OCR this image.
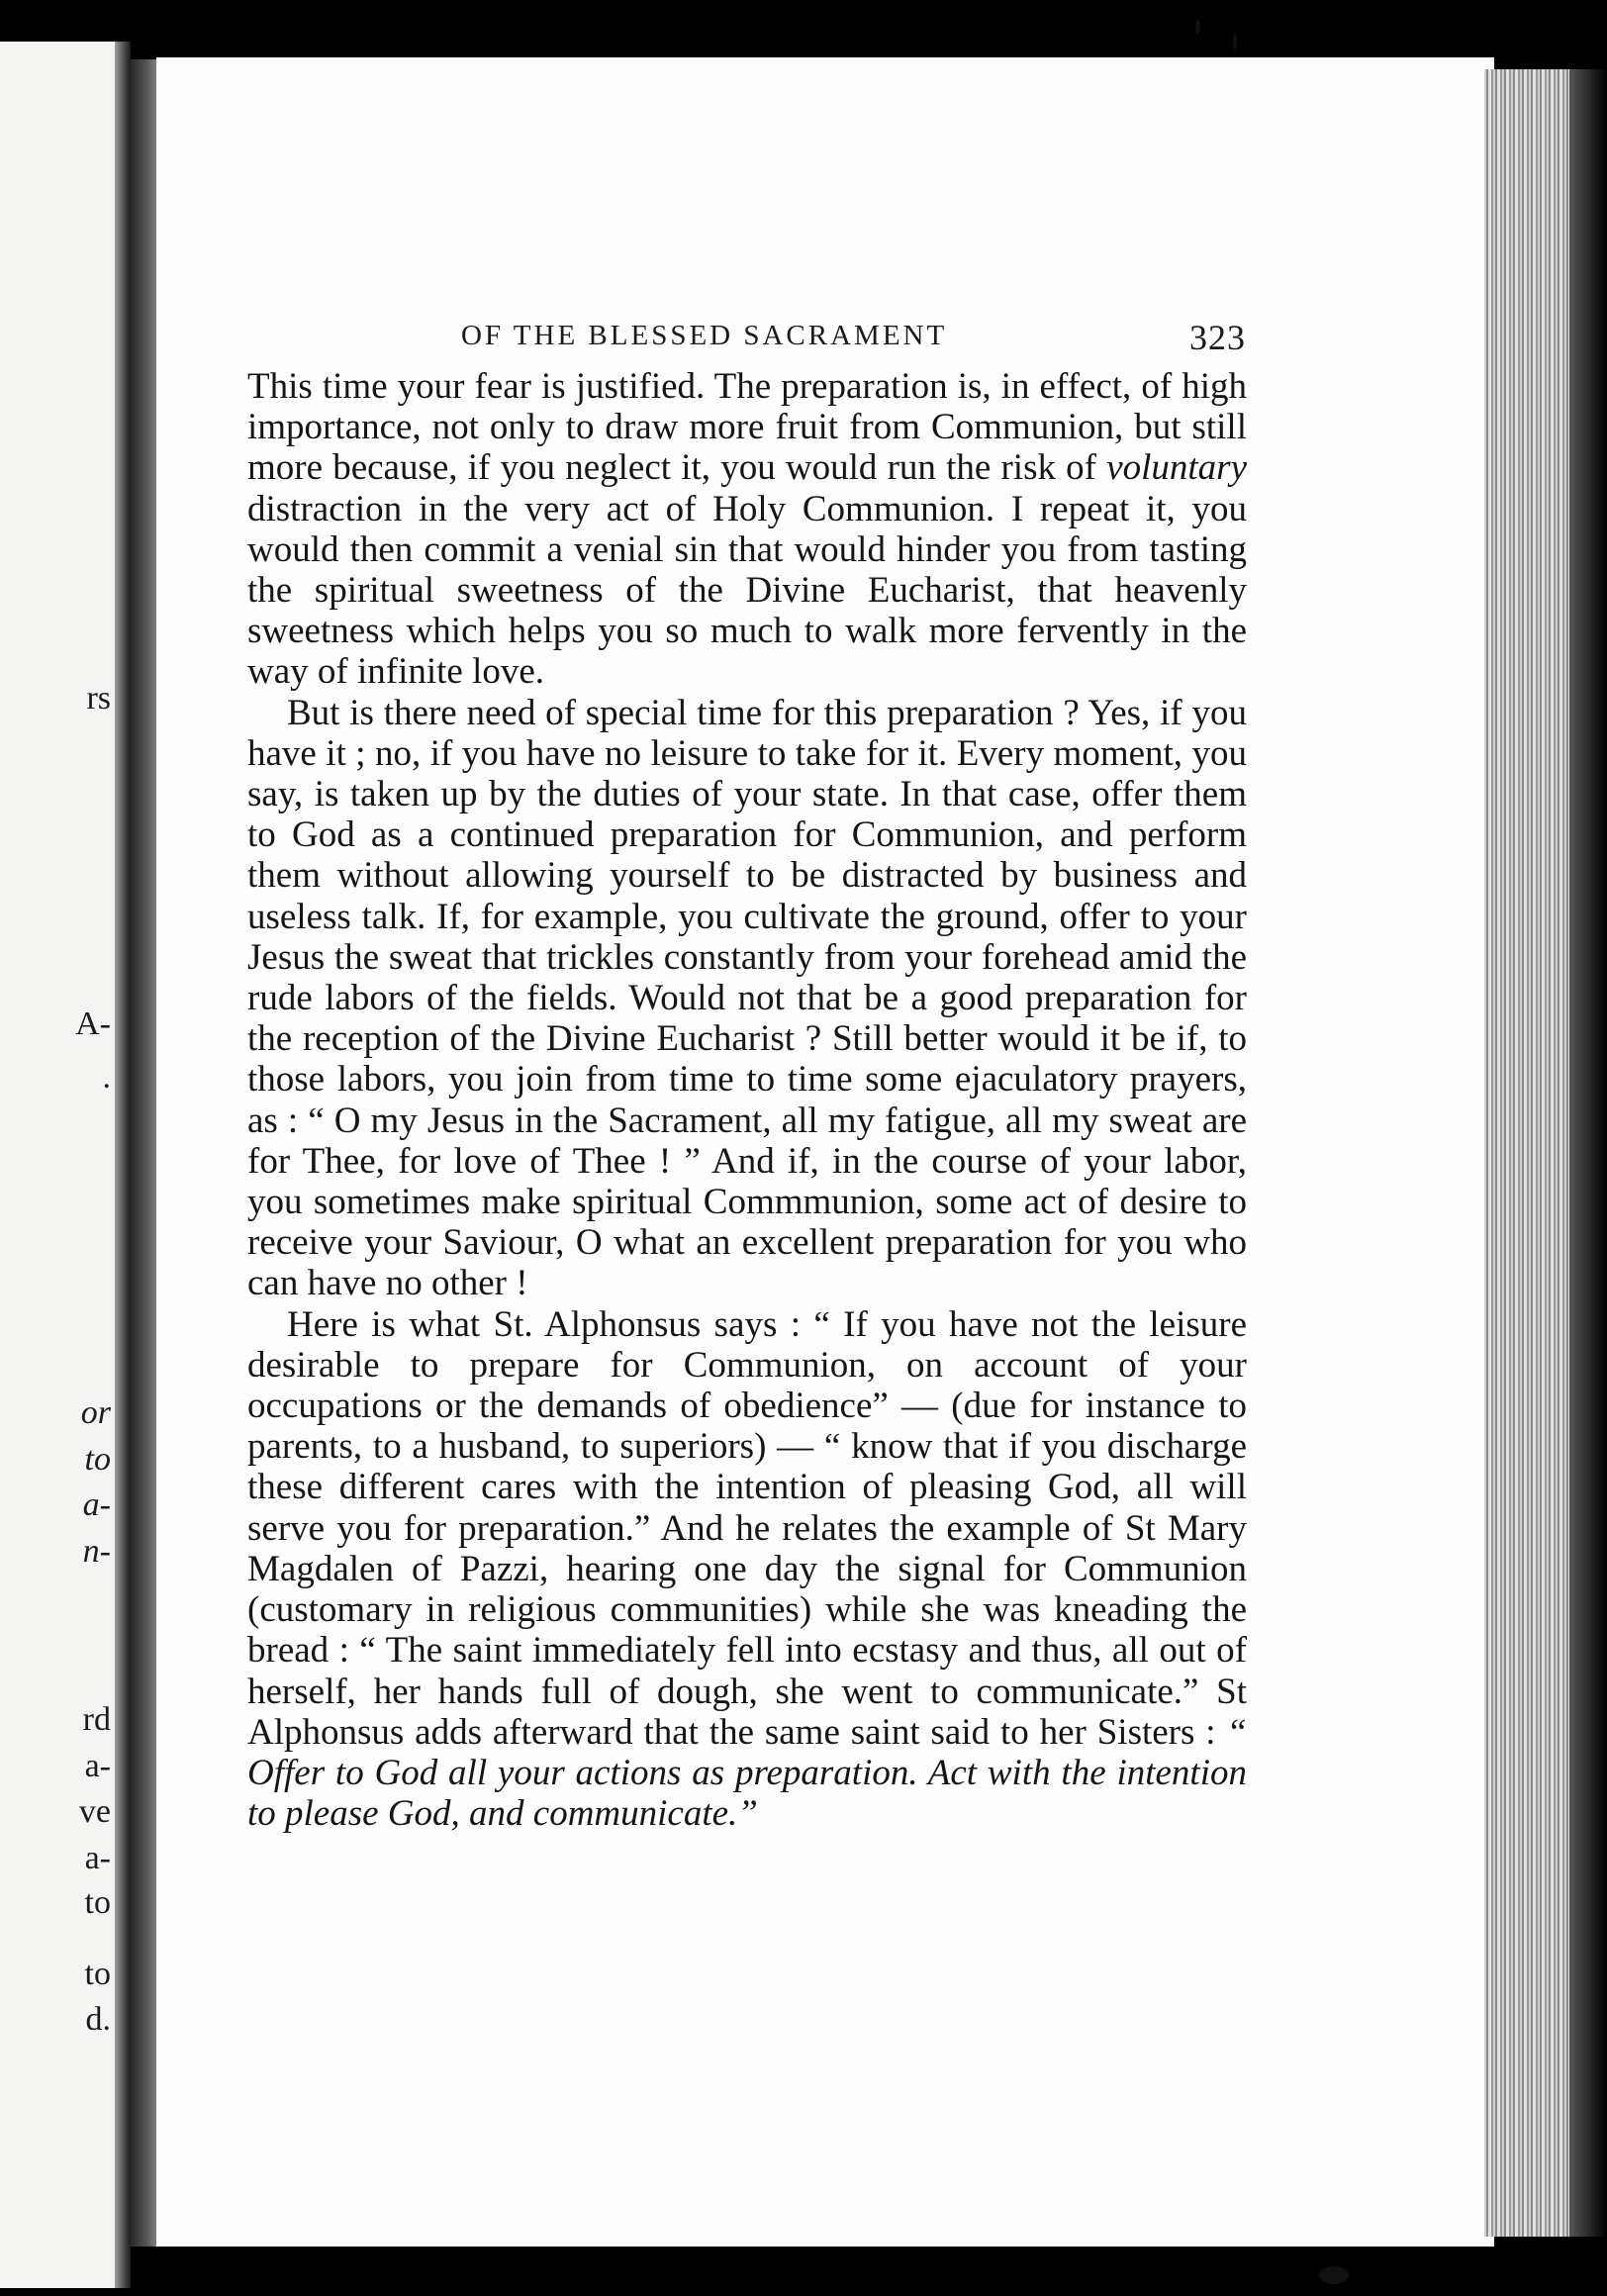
rs
A-
.
or
to
a-
n-
rd
a-
ve
a-
to
to
d.
OF THE BLESSED SACRAMENT	323

This time your fear is justified. The preparation is, in effect, of high importance, not only to draw more fruit from Communion, but still more because, if you neglect it, you would run the risk of voluntary distraction in the very act of Holy Communion. I repeat it, you would then commit a venial sin that would hinder you from tasting the spiritual sweetness of the Divine Eucharist, that heavenly sweetness which helps you so much to walk more fervently in the way of infinite love.

But is there need of special time for this preparation ? Yes, if you have it ; no, if you have no leisure to take for it. Every moment, you say, is taken up by the duties of your state. In that case, offer them to God as a continued preparation for Communion, and perform them without allowing yourself to be distracted by business and useless talk. If, for example, you cultivate the ground, offer to your Jesus the sweat that trickles constantly from your forehead amid the rude labors of the fields. Would not that be a good preparation for the reception of the Divine Eucharist ? Still better would it be if, to those labors, you join from time to time some ejaculatory prayers, as : “ O my Jesus in the Sacrament, all my fatigue, all my sweat are for Thee, for love of Thee ! ” And if, in the course of your labor, you sometimes make spiritual Commmunion, some act of desire to receive your Saviour, O what an excellent preparation for you who can have no other !

Here is what St. Alphonsus says : “ If you have not the leisure desirable to prepare for Communion, on account of your occupations or the demands of obedience” — (due for instance to parents, to a husband, to superiors) — “ know that if you discharge these different cares with the intention of pleasing God, all will serve you for preparation.” And he relates the example of St Mary Magdalen of Pazzi, hearing one day the signal for Communion (customary in religious communities) while she was kneading the bread : “ The saint immediately fell into ecstasy and thus, all out of herself, her hands full of dough, she went to communicate.” St Alphonsus adds afterward that the same saint said to her Sisters : “ Offer to God all your actions as preparation. Act with the intention to please God, and communicate.”
